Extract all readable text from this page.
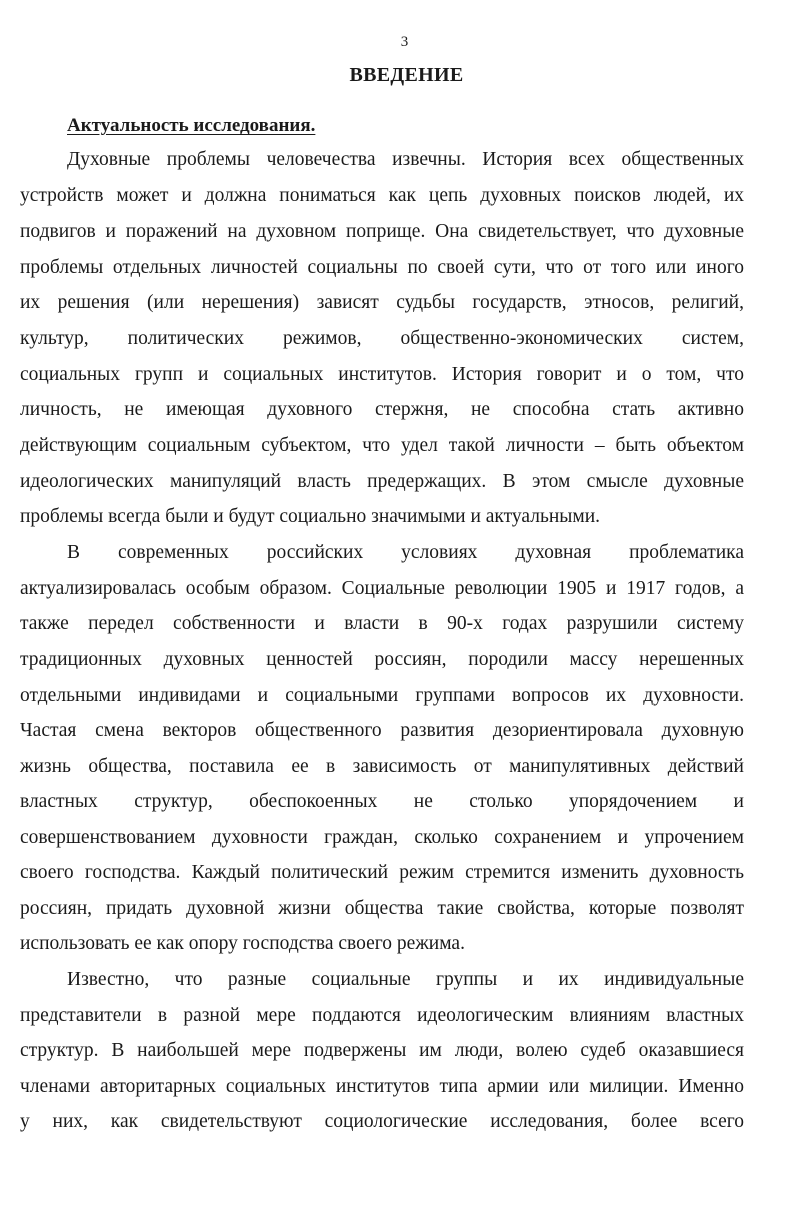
3
ВВЕДЕНИЕ
Актуальность исследования.
Духовные проблемы человечества извечны. История всех общественных
устройств может и должна пониматься как цепь духовных поисков людей, их
подвигов и поражений на духовном поприще. Она свидетельствует, что духовные
проблемы отдельных личностей социальны по своей сути, что от того или иного
их решения (или нерешения) зависят судьбы государств, этносов, религий,
культур, политических режимов, общественно-экономических систем,
социальных групп и социальных институтов. История говорит и о том, что
личность, не имеющая духовного стержня, не способна стать активно
действующим социальным субъектом, что удел такой личности – быть объектом
идеологических манипуляций власть предержащих. В этом смысле духовные
проблемы всегда были и будут социально значимыми и актуальными.
В современных российских условиях духовная проблематика
актуализировалась особым образом. Социальные революции 1905 и 1917 годов, а
также передел собственности и власти в 90-х годах разрушили систему
традиционных духовных ценностей россиян, породили массу нерешенных
отдельными индивидами и социальными группами вопросов их духовности.
Частая смена векторов общественного развития дезориентировала духовную
жизнь общества, поставила ее в зависимость от манипулятивных действий
властных структур, обеспокоенных не столько упорядочением и
совершенствованием духовности граждан, сколько сохранением и упрочением
своего господства. Каждый политический режим стремится изменить духовность
россиян, придать духовной жизни общества такие свойства, которые позволят
использовать ее как опору господства своего режима.
Известно, что разные социальные группы и их индивидуальные
представители в разной мере поддаются идеологическим влияниям властных
структур. В наибольшей мере подвержены им люди, волею судеб оказавшиеся
членами авторитарных социальных институтов типа армии или милиции. Именно
у них, как свидетельствуют социологические исследования, более всего
